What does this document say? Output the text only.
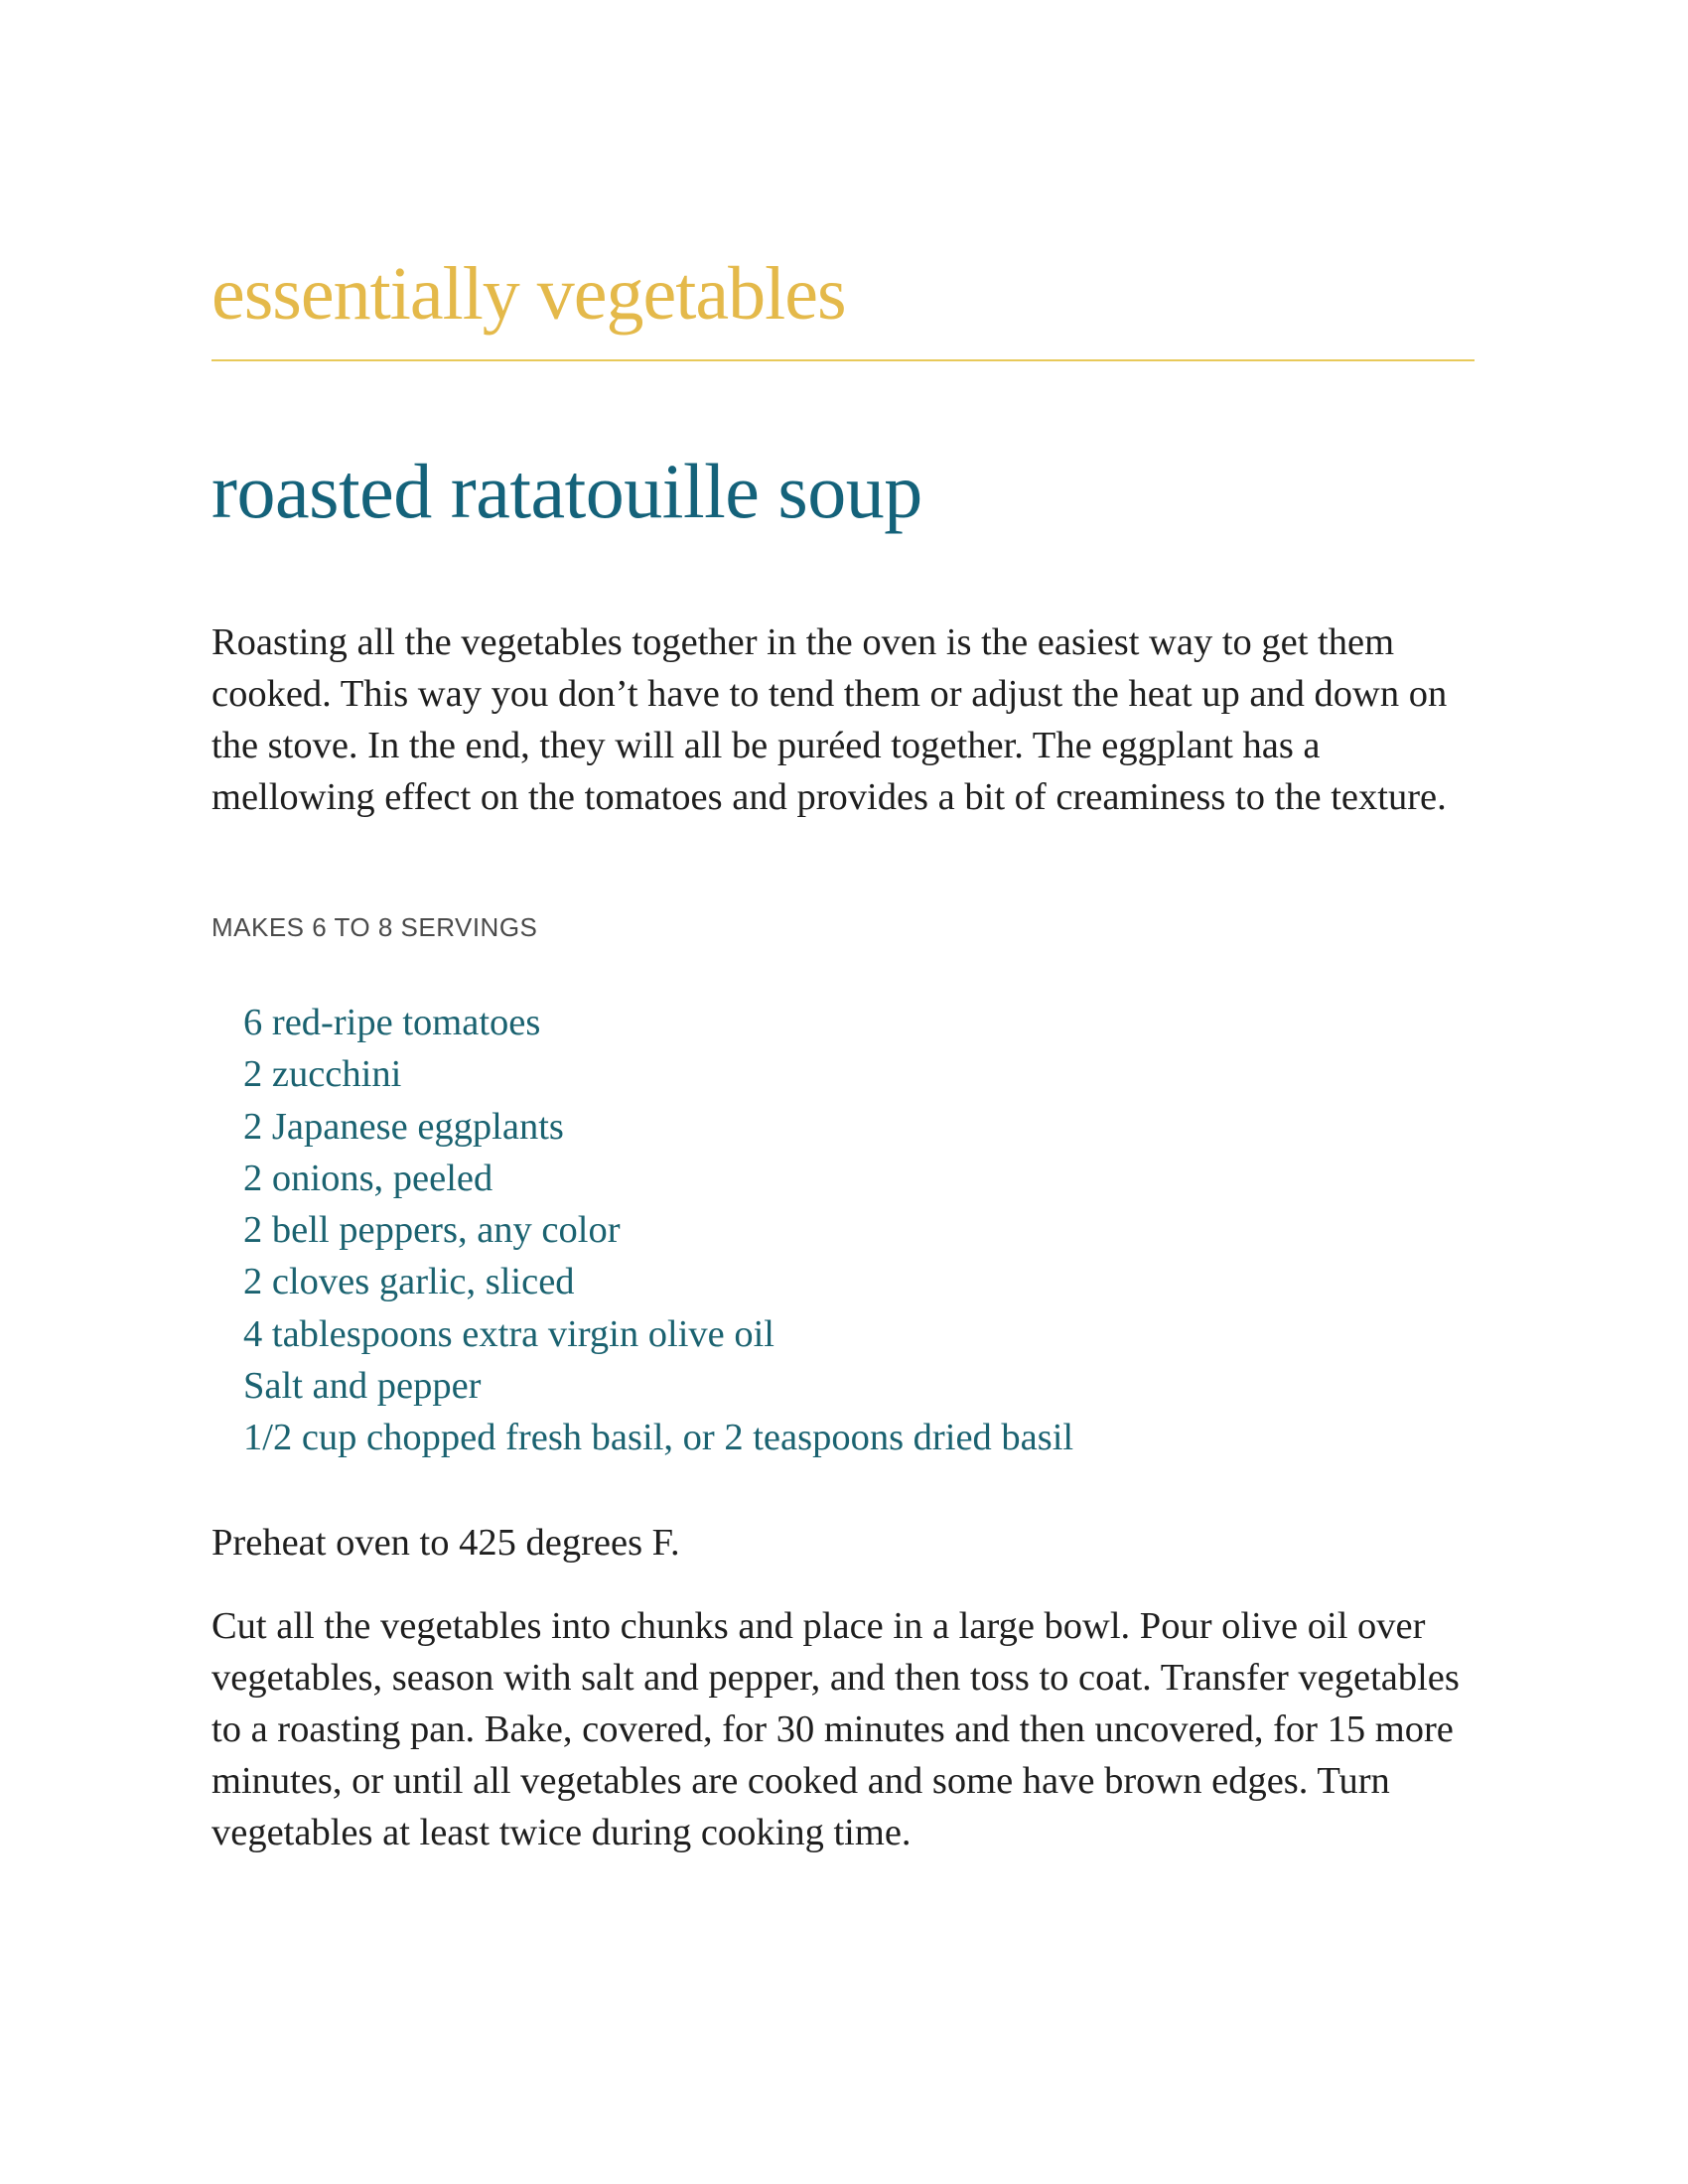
essentially vegetables
roasted ratatouille soup

Roasting all the vegetables together in the oven is the easiest way to get them cooked. This way you don’t have to tend them or adjust the heat up and down on the stove. In the end, they will all be puréed together. The eggplant has a mellowing effect on the tomatoes and provides a bit of creaminess to the texture.

MAKES 6 TO 8 SERVINGS

6 red-ripe tomatoes
2 zucchini
2 Japanese eggplants
2 onions, peeled
2 bell peppers, any color
2 cloves garlic, sliced
4 tablespoons extra virgin olive oil
Salt and pepper
1/2 cup chopped fresh basil, or 2 teaspoons dried basil

Preheat oven to 425 degrees F.

Cut all the vegetables into chunks and place in a large bowl. Pour olive oil over vegetables, season with salt and pepper, and then toss to coat. Transfer vegetables to a roasting pan. Bake, covered, for 30 minutes and then uncovered, for 15 more minutes, or until all vegetables are cooked and some have brown edges. Turn vegetables at least twice during cooking time.
